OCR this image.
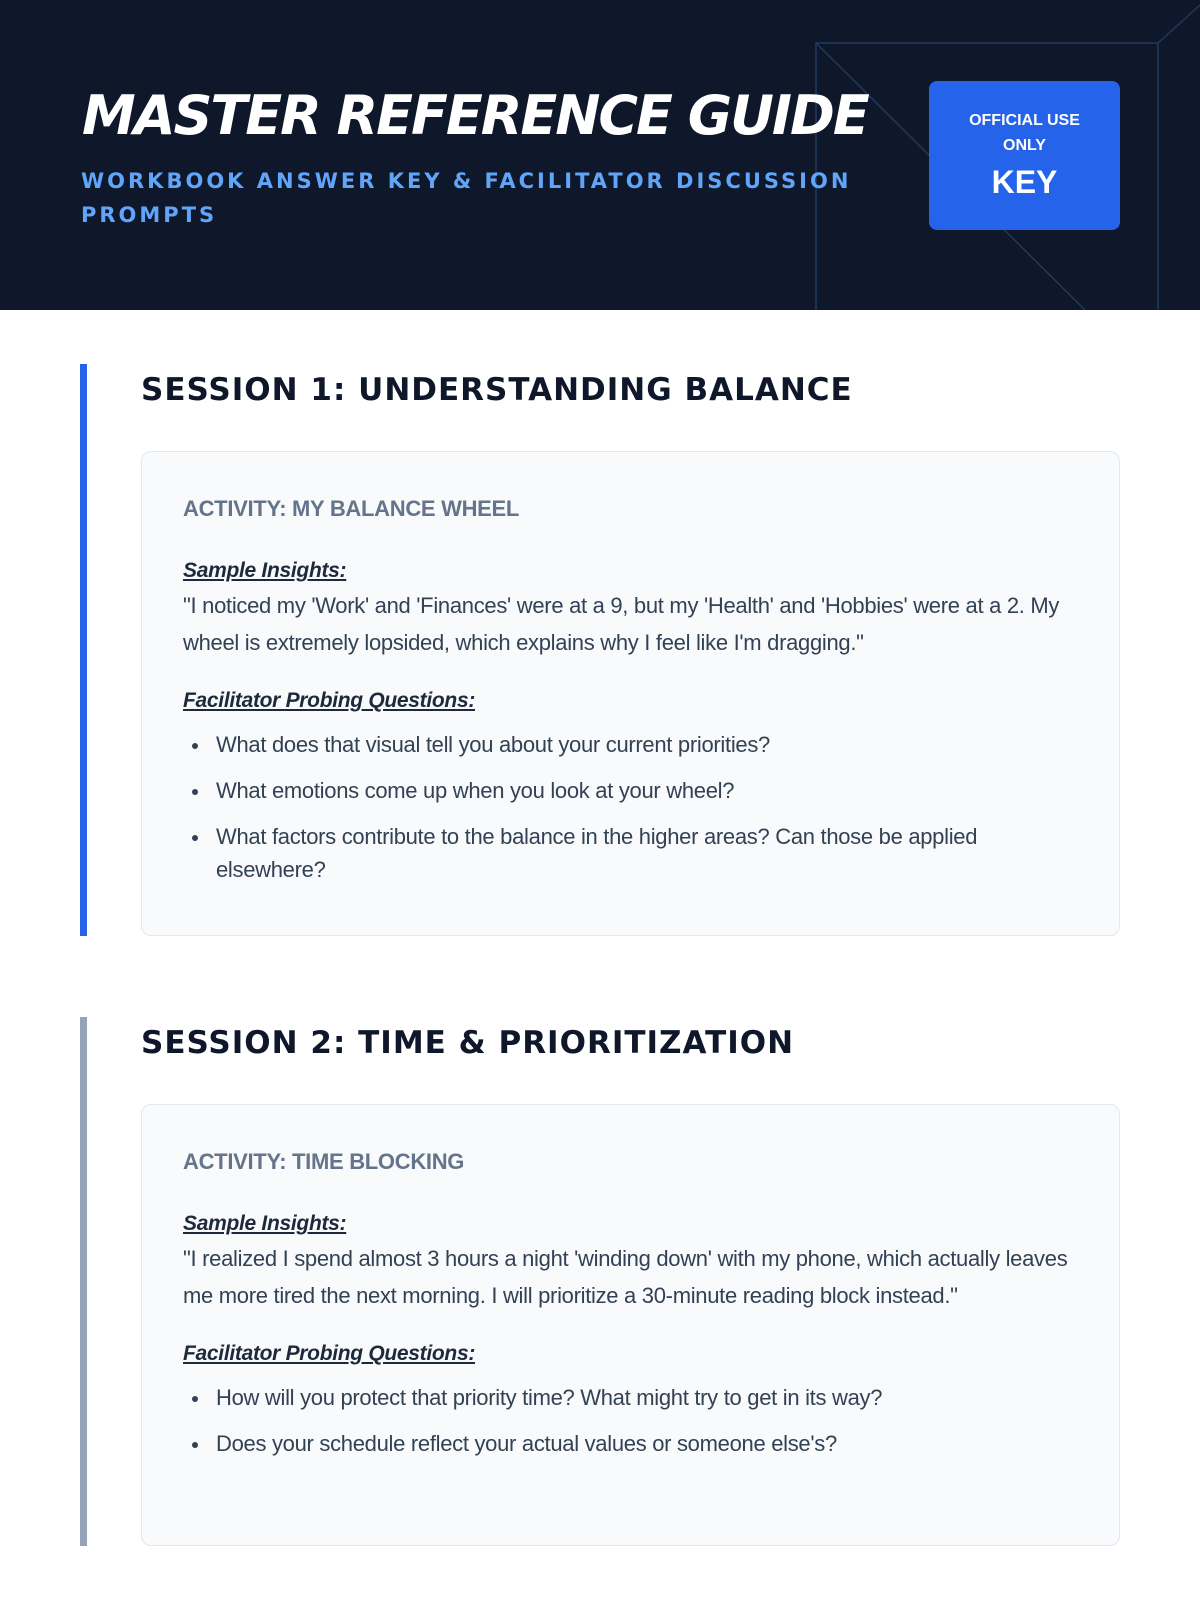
MASTER REFERENCE GUIDE
WORKBOOK ANSWER KEY & FACILITATOR DISCUSSION PROMPTS
OFFICIAL USE ONLY
KEY
SESSION 1: UNDERSTANDING BALANCE
ACTIVITY: MY BALANCE WHEEL
Sample Insights:
"I noticed my 'Work' and 'Finances' were at a 9, but my 'Health' and 'Hobbies' were at a 2. My wheel is extremely lopsided, which explains why I feel like I'm dragging."
Facilitator Probing Questions:
What does that visual tell you about your current priorities?
What emotions come up when you look at your wheel?
What factors contribute to the balance in the higher areas? Can those be applied elsewhere?
SESSION 2: TIME & PRIORITIZATION
ACTIVITY: TIME BLOCKING
Sample Insights:
"I realized I spend almost 3 hours a night 'winding down' with my phone, which actually leaves me more tired the next morning. I will prioritize a 30-minute reading block instead."
Facilitator Probing Questions:
How will you protect that priority time? What might try to get in its way?
Does your schedule reflect your actual values or someone else's?
